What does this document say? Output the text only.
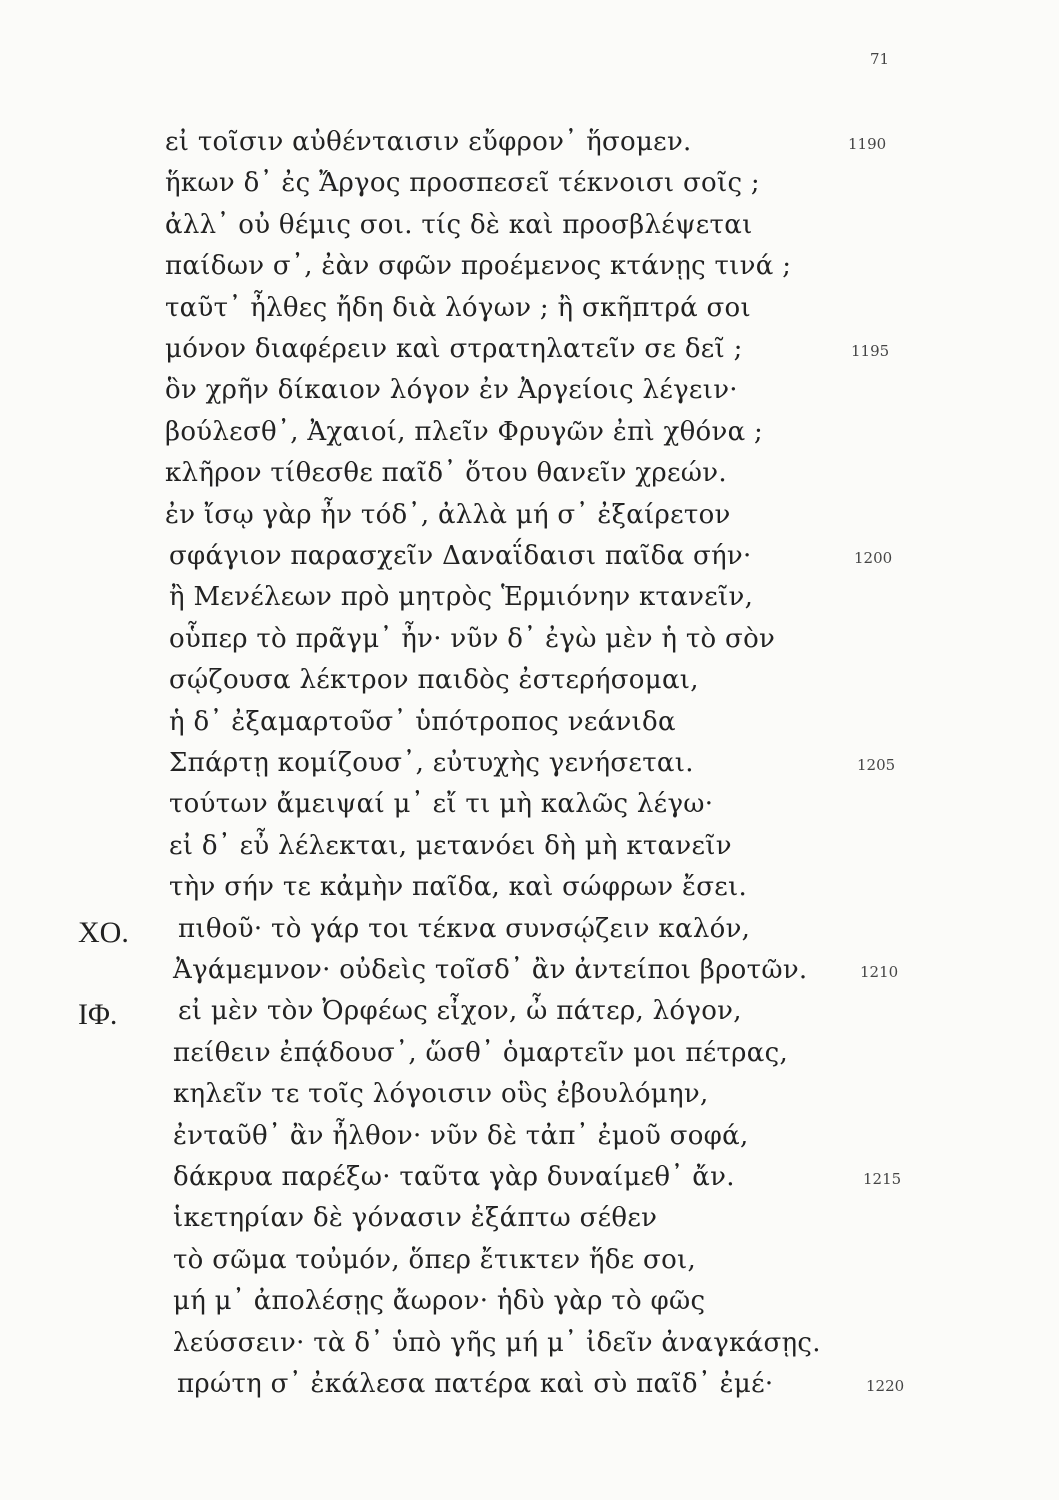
71
εἰ τοῖσιν αὐθένταισιν εὔφρον᾽ ἥσομεν.	1190
ἥκων δ᾽ ἐς Ἄργος προσπεσεῖ τέκνοισι σοῖς ;
ἀλλ᾽ οὐ θέμις σοι. τίς δὲ καὶ προσβλέψεται
παίδων σ᾽, ἐὰν σφῶν προέμενος κτάνῃς τινά ;
ταῦτ᾽ ἦλθες ἤδη διὰ λόγων ; ἢ σκῆπτρά σοι
μόνον διαφέρειν καὶ στρατηλατεῖν σε δεῖ ;	1195
ὃν χρῆν δίκαιον λόγον ἐν Ἀργείοις λέγειν·
βούλεσθ᾽, Ἀχαιοί, πλεῖν Φρυγῶν ἐπὶ χθόνα ;
κλῆρον τίθεσθε παῖδ᾽ ὅτου θανεῖν χρεών.
ἐν ἴσῳ γὰρ ἦν τόδ᾽, ἀλλὰ μή σ᾽ ἐξαίρετον
σφάγιον παρασχεῖν Δαναΐδαισι παῖδα σήν·	1200
ἢ Μενέλεων πρὸ μητρὸς Ἑρμιόνην κτανεῖν,
οὗπερ τὸ πρᾶγμ᾽ ἦν· νῦν δ᾽ ἐγὼ μὲν ἡ τὸ σὸν
σῴζουσα λέκτρον παιδὸς ἐστερήσομαι,
ἡ δ᾽ ἐξαμαρτοῦσ᾽ ὑπότροπος νεάνιδα
Σπάρτῃ κομίζουσ᾽, εὐτυχὴς γενήσεται.	1205
τούτων ἄμειψαί μ᾽ εἴ τι μὴ καλῶς λέγω·
εἰ δ᾽ εὖ λέλεκται, μετανόει δὴ μὴ κτανεῖν
τὴν σήν τε κἀμὴν παῖδα, καὶ σώφρων ἔσει.
ΧΟ. πιθοῦ· τὸ γάρ τοι τέκνα συνσῴζειν καλόν,
Ἀγάμεμνον· οὐδεὶς τοῖσδ᾽ ἂν ἀντείποι βροτῶν.	1210
ΙΦ. εἰ μὲν τὸν Ὀρφέως εἶχον, ὦ πάτερ, λόγον,
πείθειν ἐπᾴδουσ᾽, ὥσθ᾽ ὁμαρτεῖν μοι πέτρας,
κηλεῖν τε τοῖς λόγοισιν οὓς ἐβουλόμην,
ἐνταῦθ᾽ ἂν ἦλθον· νῦν δὲ τἀπ᾽ ἐμοῦ σοφά,
δάκρυα παρέξω· ταῦτα γὰρ δυναίμεθ᾽ ἄν.	1215
ἱκετηρίαν δὲ γόνασιν ἐξάπτω σέθεν
τὸ σῶμα τοὐμόν, ὅπερ ἔτικτεν ἥδε σοι,
μή μ᾽ ἀπολέσῃς ἄωρον· ἡδὺ γὰρ τὸ φῶς
λεύσσειν· τὰ δ᾽ ὑπὸ γῆς μή μ᾽ ἰδεῖν ἀναγκάσῃς.
πρώτη σ᾽ ἐκάλεσα πατέρα καὶ σὺ παῖδ᾽ ἐμέ·	1220
